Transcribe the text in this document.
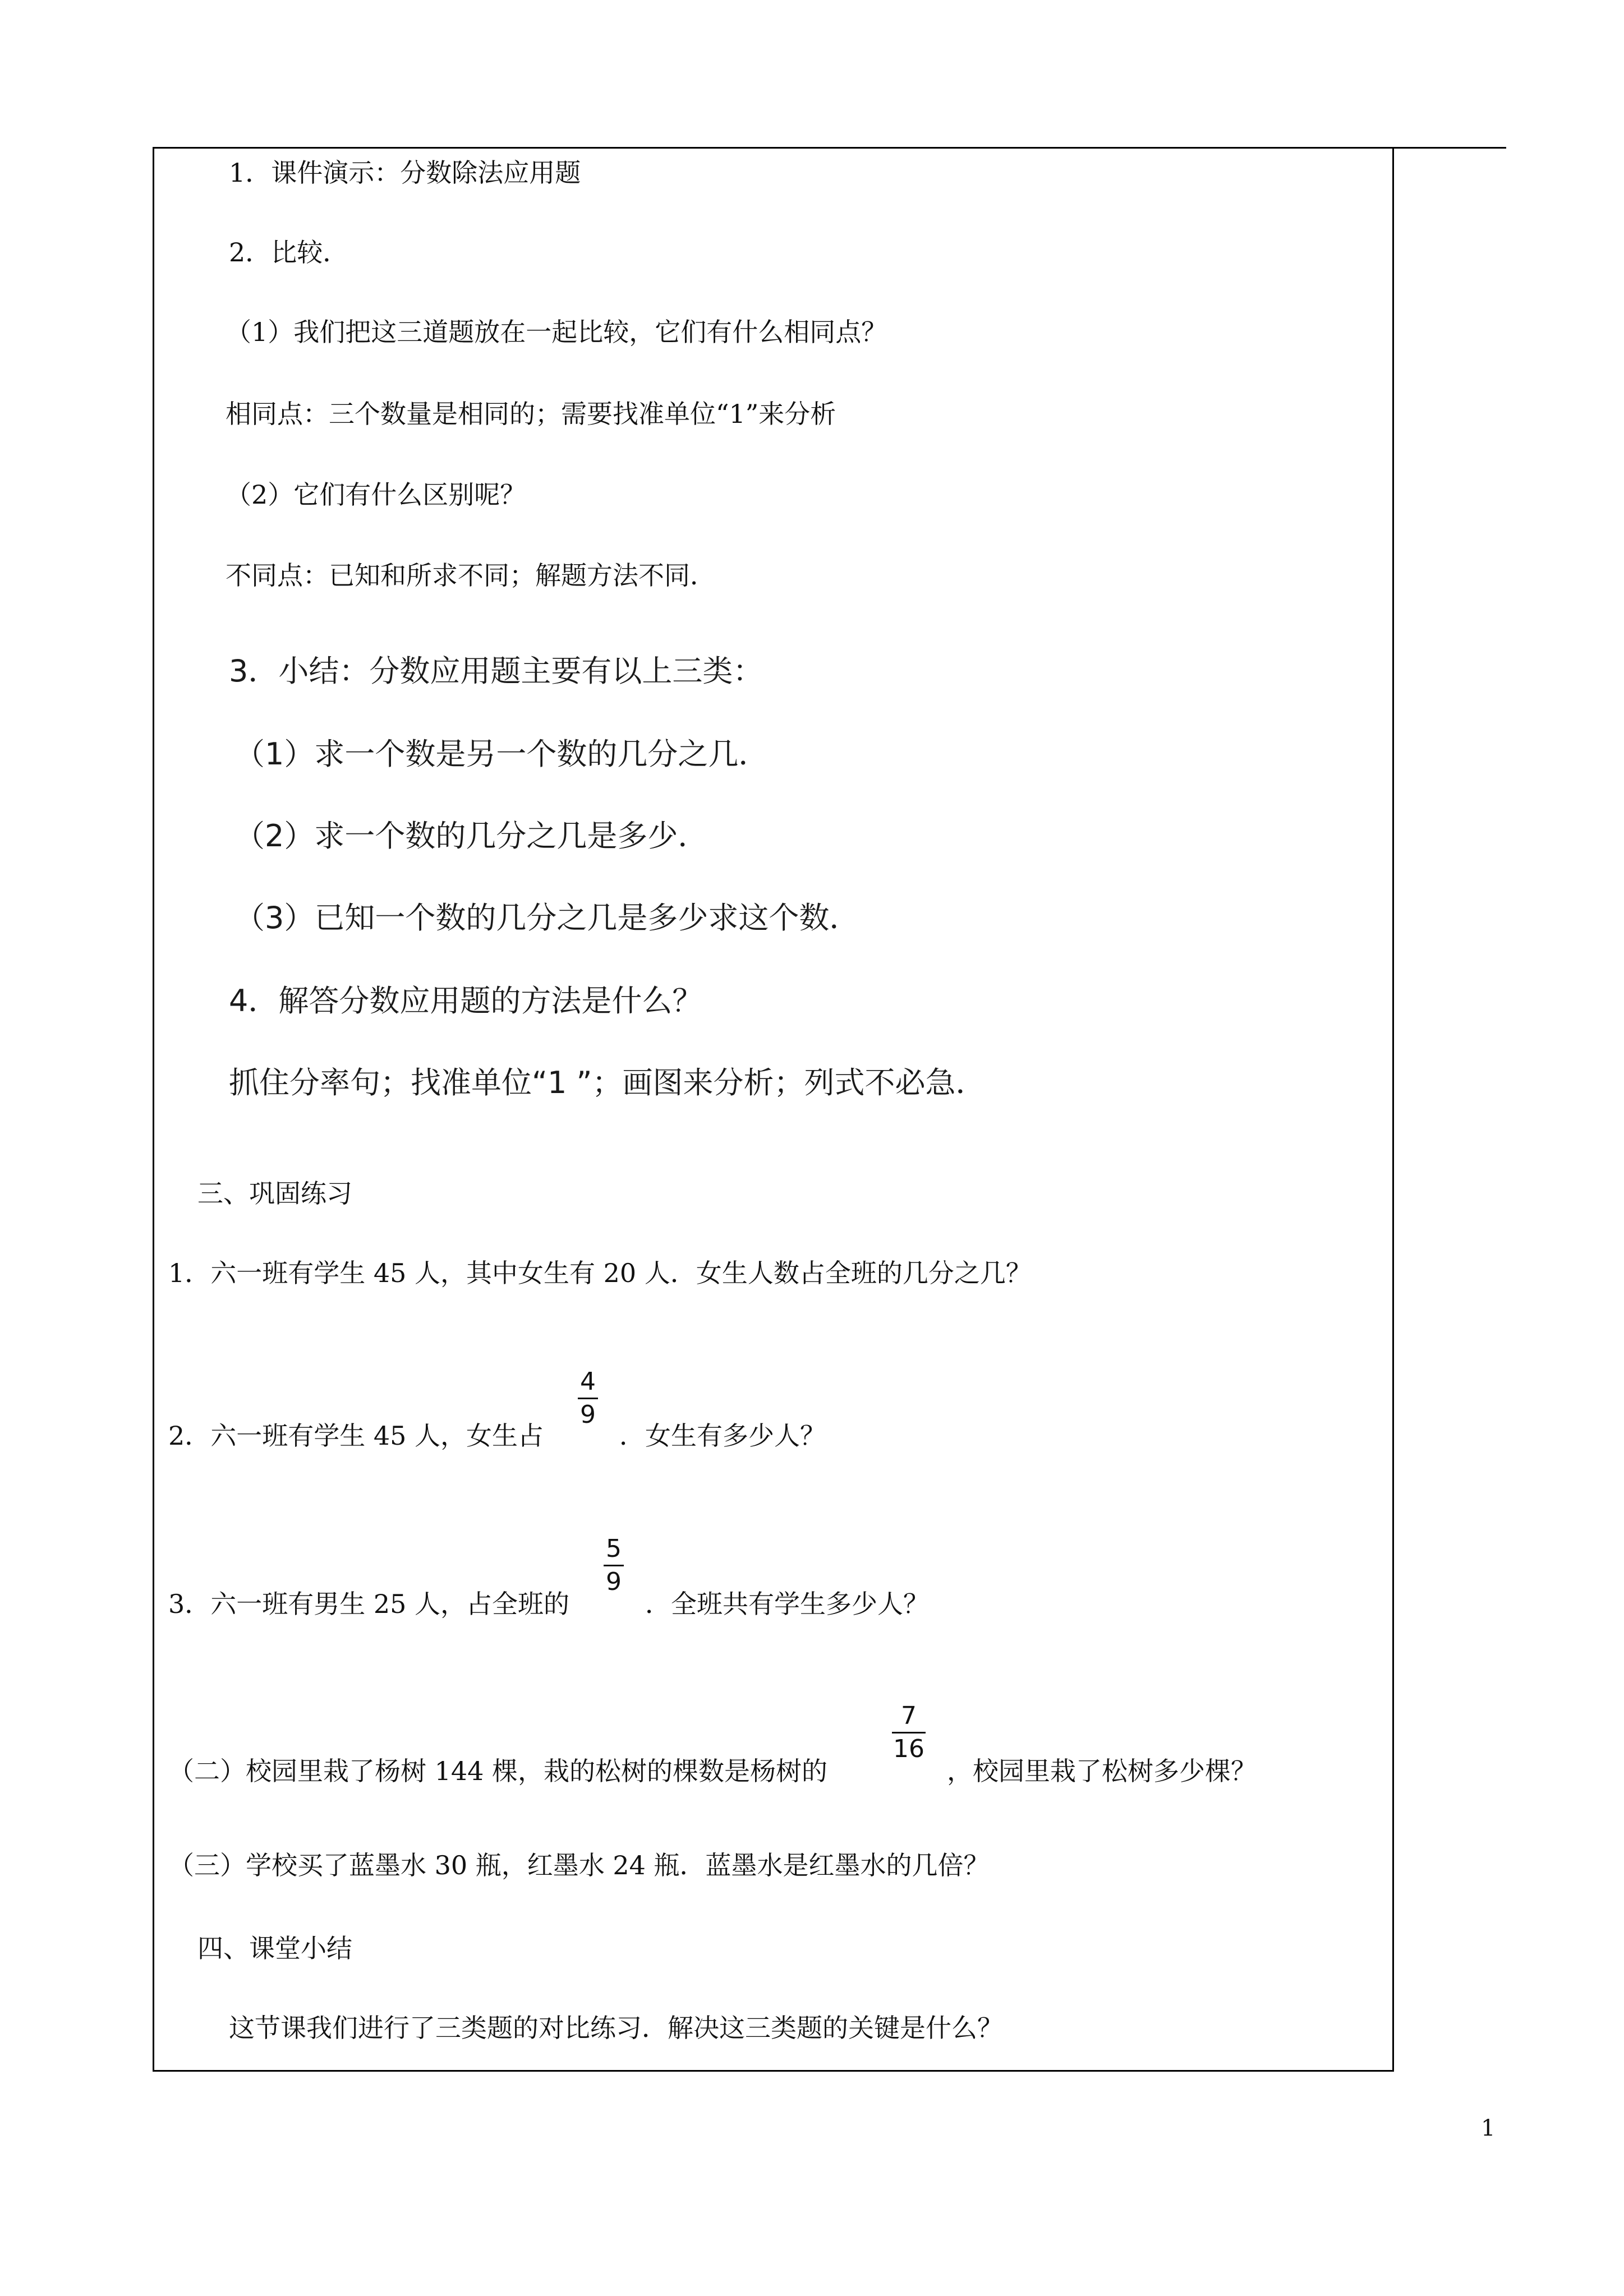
1．课件演示：分数除法应用题
2．比较．
（1）我们把这三道题放在一起比较，它们有什么相同点？
相同点：三个数量是相同的；需要找准单位“1”来分析
（2）它们有什么区别呢？
不同点：已知和所求不同；解题方法不同．
3．小结：分数应用题主要有以上三类：
（1）求一个数是另一个数的几分之几．
（2）求一个数的几分之几是多少．
（3）已知一个数的几分之几是多少求这个数．
4．解答分数应用题的方法是什么？
抓住分率句；找准单位“1 ”；画图来分析；列式不必急．
三、巩固练习
1．六一班有学生 45 人，其中女生有 20 人．女生人数占全班的几分之几？
2．六一班有学生 45 人，女生占
4
9
．女生有多少人？
3．六一班有男生 25 人，占全班的
5
9
．全班共有学生多少人？
（二）校园里栽了杨树 144 棵，栽的松树的棵数是杨树的
7
16
，校园里栽了松树多少棵？
（三）学校买了蓝墨水 30 瓶，红墨水 24 瓶．蓝墨水是红墨水的几倍？
四、课堂小结
这节课我们进行了三类题的对比练习．解决这三类题的关键是什么？
1
